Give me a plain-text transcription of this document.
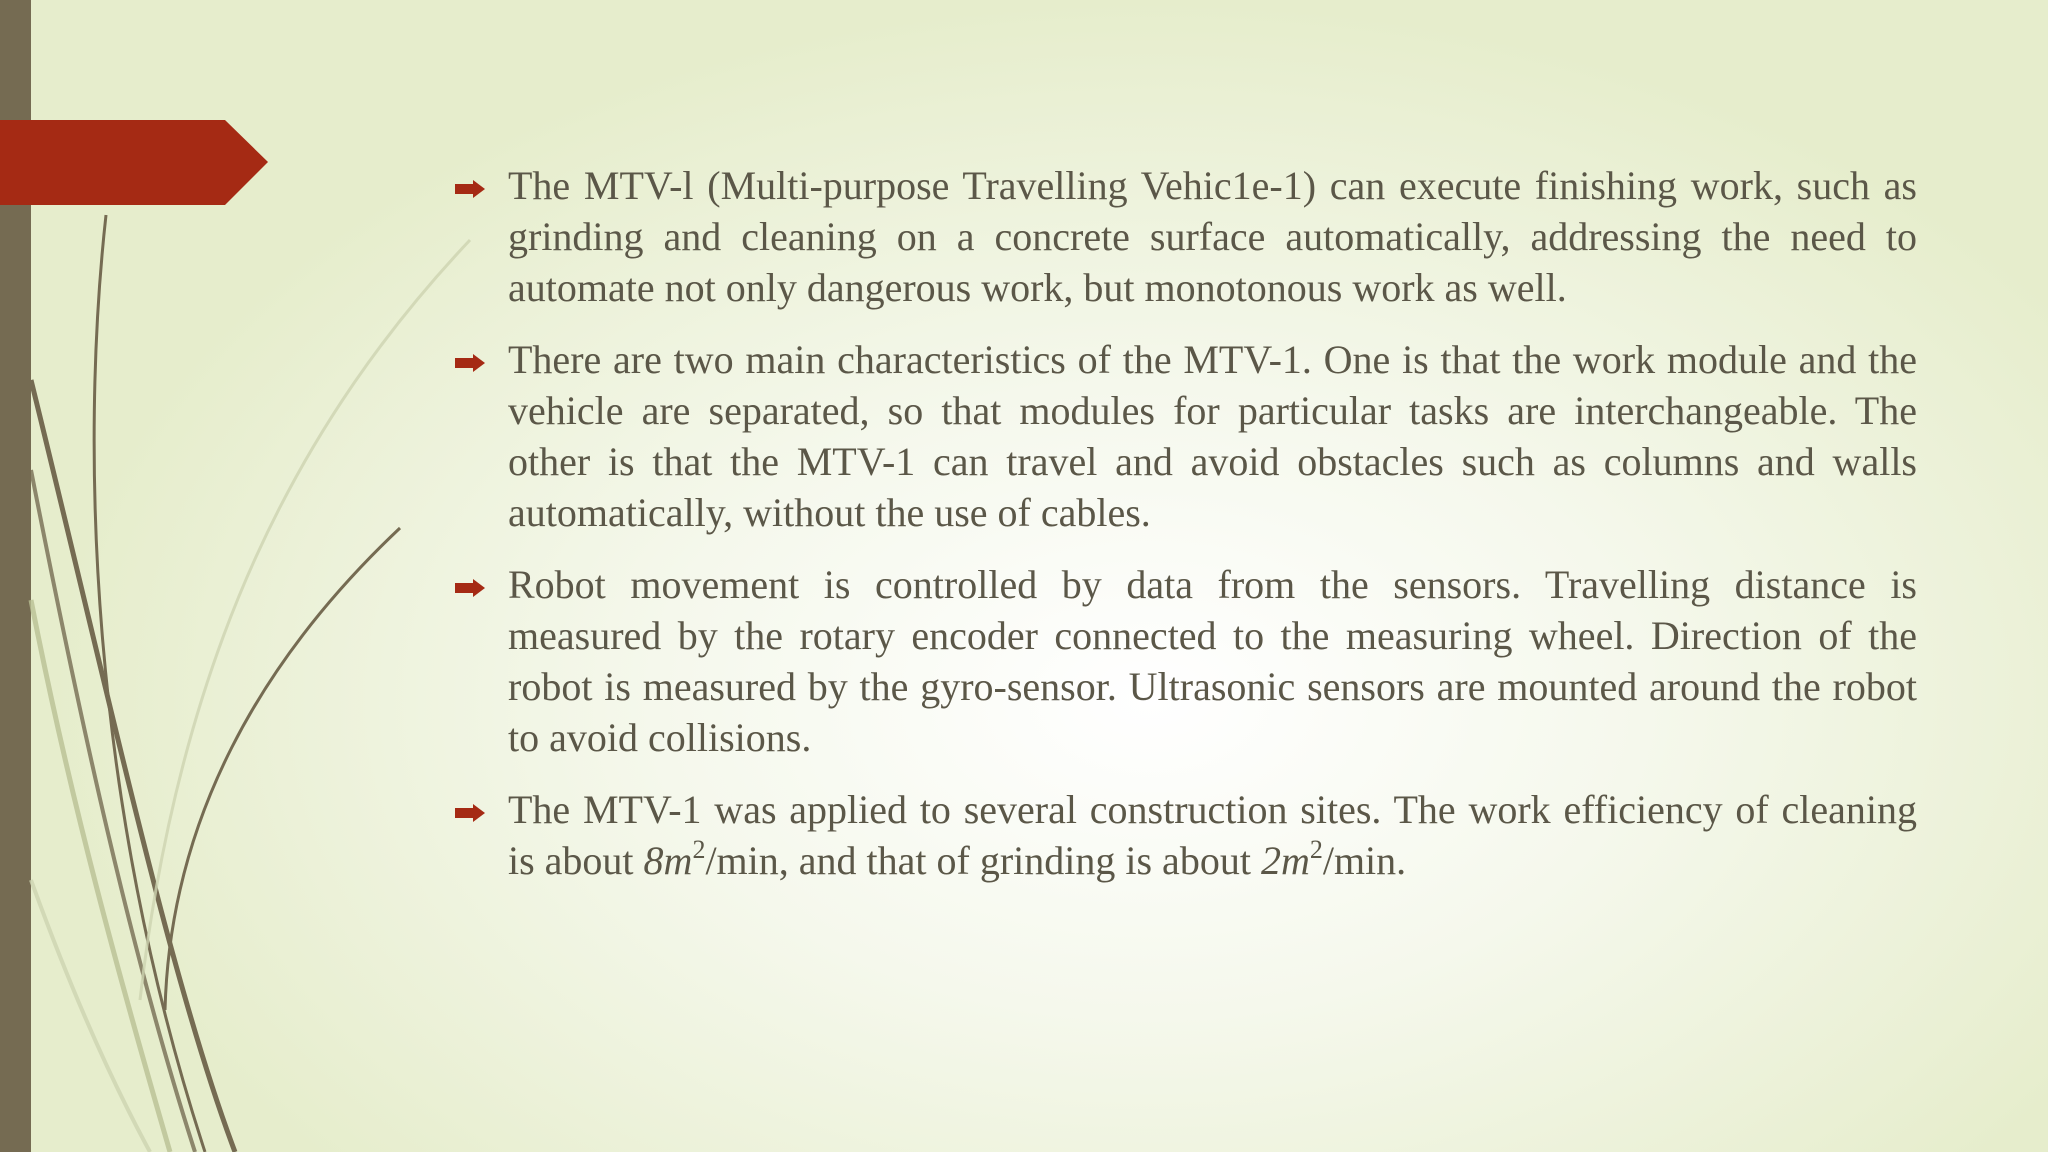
The MTV-l (Multi-purpose Travelling Vehic1e-1) can execute finishing work, such as grinding and cleaning on a concrete surface automatically, addressing the need to automate not only dangerous work, but monotonous work as well.
There are two main characteristics of the MTV-1. One is that the work module and the vehicle are separated, so that modules for particular tasks are interchangeable. The other is that the MTV-1 can travel and avoid obstacles such as columns and walls automatically, without the use of cables.
Robot movement is controlled by data from the sensors. Travelling distance is measured by the rotary encoder connected to the measuring wheel. Direction of the robot is measured by the gyro-sensor. Ultrasonic sensors are mounted around the robot to avoid collisions.
The MTV-1 was applied to several construction sites. The work efficiency of cleaning is about $8m^2/\min$, and that of grinding is about $2m^2/\min$.
